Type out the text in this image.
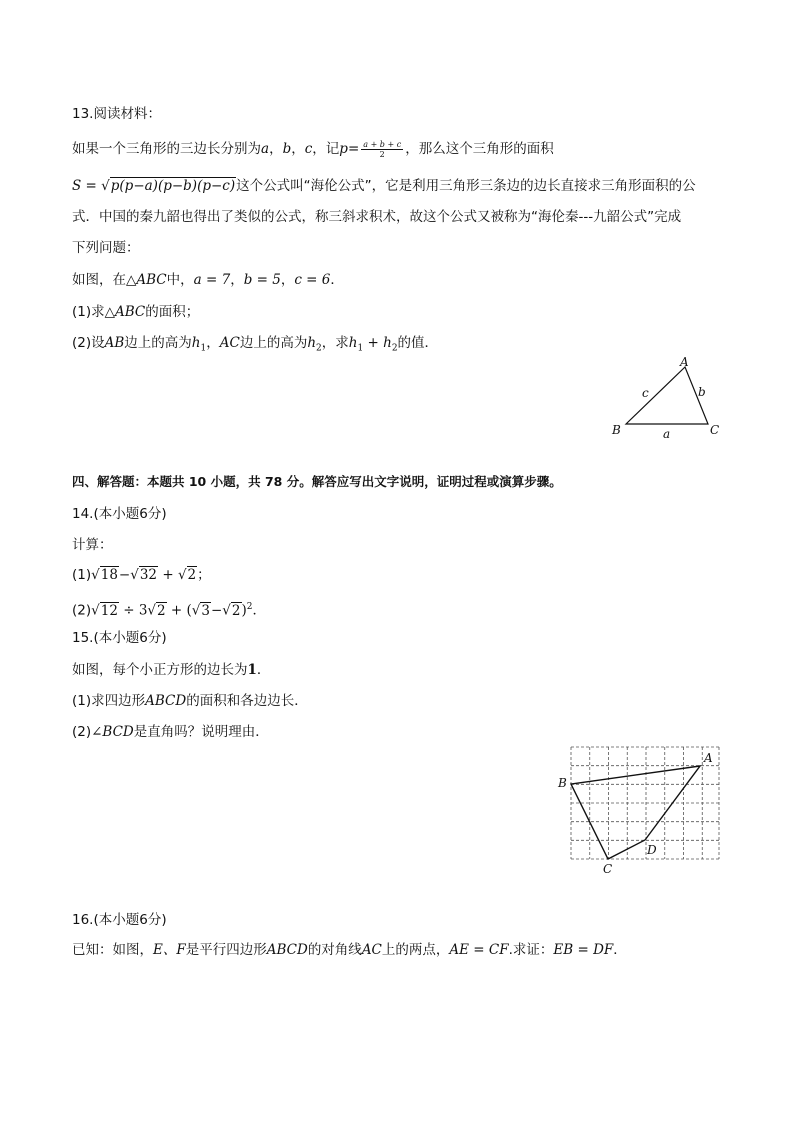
13.阅读材料：
如果一个三角形的三边长分别为a，b，c，记$p= \frac{a + b + c}{2}$ ，那么这个三角形的面积
S = √p(p−a)(p−b)(p−c)这个公式叫“海伦公式”，它是利用三角形三条边的边长直接求三角形面积的公
式．中国的秦九韶也得出了类似的公式，称三斜求积术，故这个公式又被称为“海伦秦---九韶公式”完成
下列问题：
如图，在△ABC中，a = 7，b = 5，c = 6．
(1)求△ABC的面积；
(2)设AB边上的高为$h_1$，AC边上的高为$h_2$，求$h_1 + h_2$的值．
A
B	C
a
b
c
四、解答题：本题共 10 小题，共 78 分。解答应写出文字说明，证明过程或演算步骤。
14.(本小题6分)
计算：
(1)√18−√32 + √2；
$(2)√12 \div 3√2 + (√3-√2)^2$．
15.(本小题6分)
如图，每个小正方形的边长为1．
(1)求四边形ABCD的面积和各边边长．
(2)∠BCD是直角吗？说明理由．
A
B
C
D
16.(本小题6分)
已知：如图，E、F是平行四边形ABCD的对角线AC上的两点，AE = CF.求证：EB = DF．
